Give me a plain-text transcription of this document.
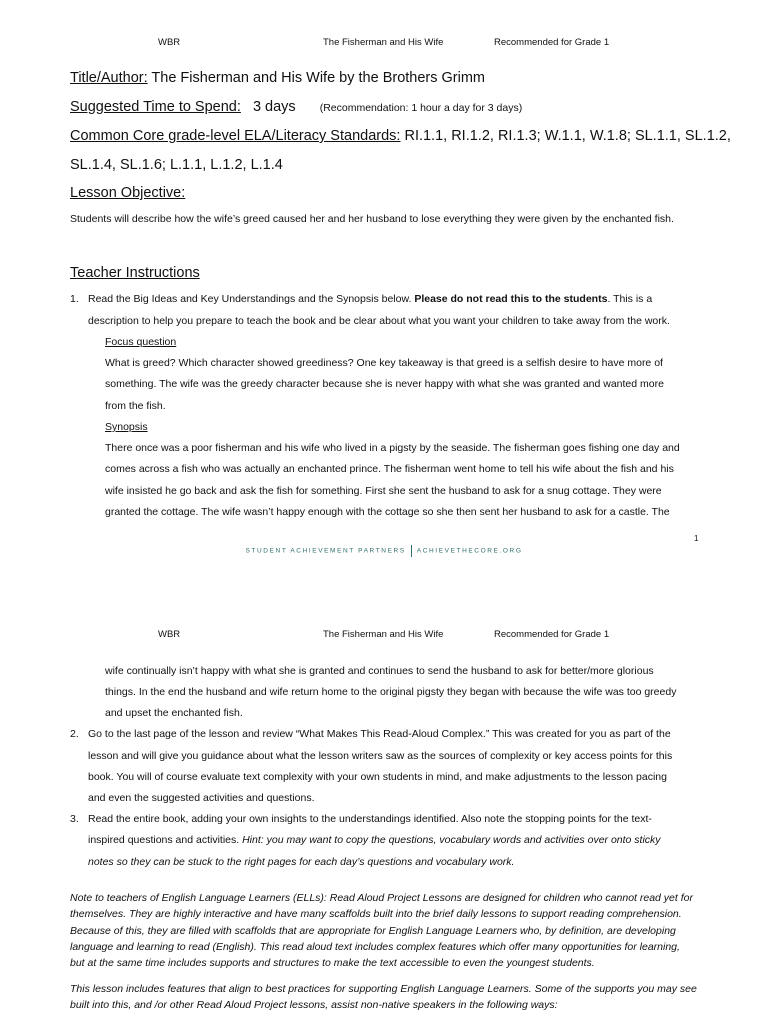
WBR	The Fisherman and His Wife	Recommended for Grade 1
Title/Author: The Fisherman and His Wife by the Brothers Grimm
Suggested Time to Spend: 3 days (Recommendation: 1 hour a day for 3 days)
Common Core grade-level ELA/Literacy Standards: RI.1.1, RI.1.2, RI.1.3; W.1.1, W.1.8; SL.1.1, SL.1.2,
SL.1.4, SL.1.6; L.1.1, L.1.2, L.1.4
Lesson Objective:
Students will describe how the wife’s greed caused her and her husband to lose everything they were given by the enchanted fish.
Teacher Instructions
1. Read the Big Ideas and Key Understandings and the Synopsis below. Please do not read this to the students. This is a
description to help you prepare to teach the book and be clear about what you want your children to take away from the work.
Focus question
What is greed? Which character showed greediness? One key takeaway is that greed is a selfish desire to have more of
something. The wife was the greedy character because she is never happy with what she was granted and wanted more
from the fish.
Synopsis
There once was a poor fisherman and his wife who lived in a pigsty by the seaside. The fisherman goes fishing one day and
comes across a fish who was actually an enchanted prince. The fisherman went home to tell his wife about the fish and his
wife insisted he go back and ask the fish for something. First she sent the husband to ask for a snug cottage. They were
granted the cottage. The wife wasn’t happy enough with the cottage so she then sent her husband to ask for a castle. The
1
STUDENT ACHIEVEMENT PARTNERS ACHIEVETHECORE.ORG
WBR	The Fisherman and His Wife	Recommended for Grade 1
wife continually isn’t happy with what she is granted and continues to send the husband to ask for better/more glorious
things. In the end the husband and wife return home to the original pigsty they began with because the wife was too greedy
and upset the enchanted fish.
2. Go to the last page of the lesson and review “What Makes This Read-Aloud Complex.” This was created for you as part of the
lesson and will give you guidance about what the lesson writers saw as the sources of complexity or key access points for this
book. You will of course evaluate text complexity with your own students in mind, and make adjustments to the lesson pacing
and even the suggested activities and questions.
3. Read the entire book, adding your own insights to the understandings identified. Also note the stopping points for the text-
inspired questions and activities. Hint: you may want to copy the questions, vocabulary words and activities over onto sticky
notes so they can be stuck to the right pages for each day’s questions and vocabulary work.
Note to teachers of English Language Learners (ELLs): Read Aloud Project Lessons are designed for children who cannot read yet for
themselves. They are highly interactive and have many scaffolds built into the brief daily lessons to support reading comprehension.
Because of this, they are filled with scaffolds that are appropriate for English Language Learners who, by definition, are developing
language and learning to read (English). This read aloud text includes complex features which offer many opportunities for learning,
but at the same time includes supports and structures to make the text accessible to even the youngest students.
This lesson includes features that align to best practices for supporting English Language Learners. Some of the supports you may see
built into this, and /or other Read Aloud Project lessons, assist non-native speakers in the following ways:
